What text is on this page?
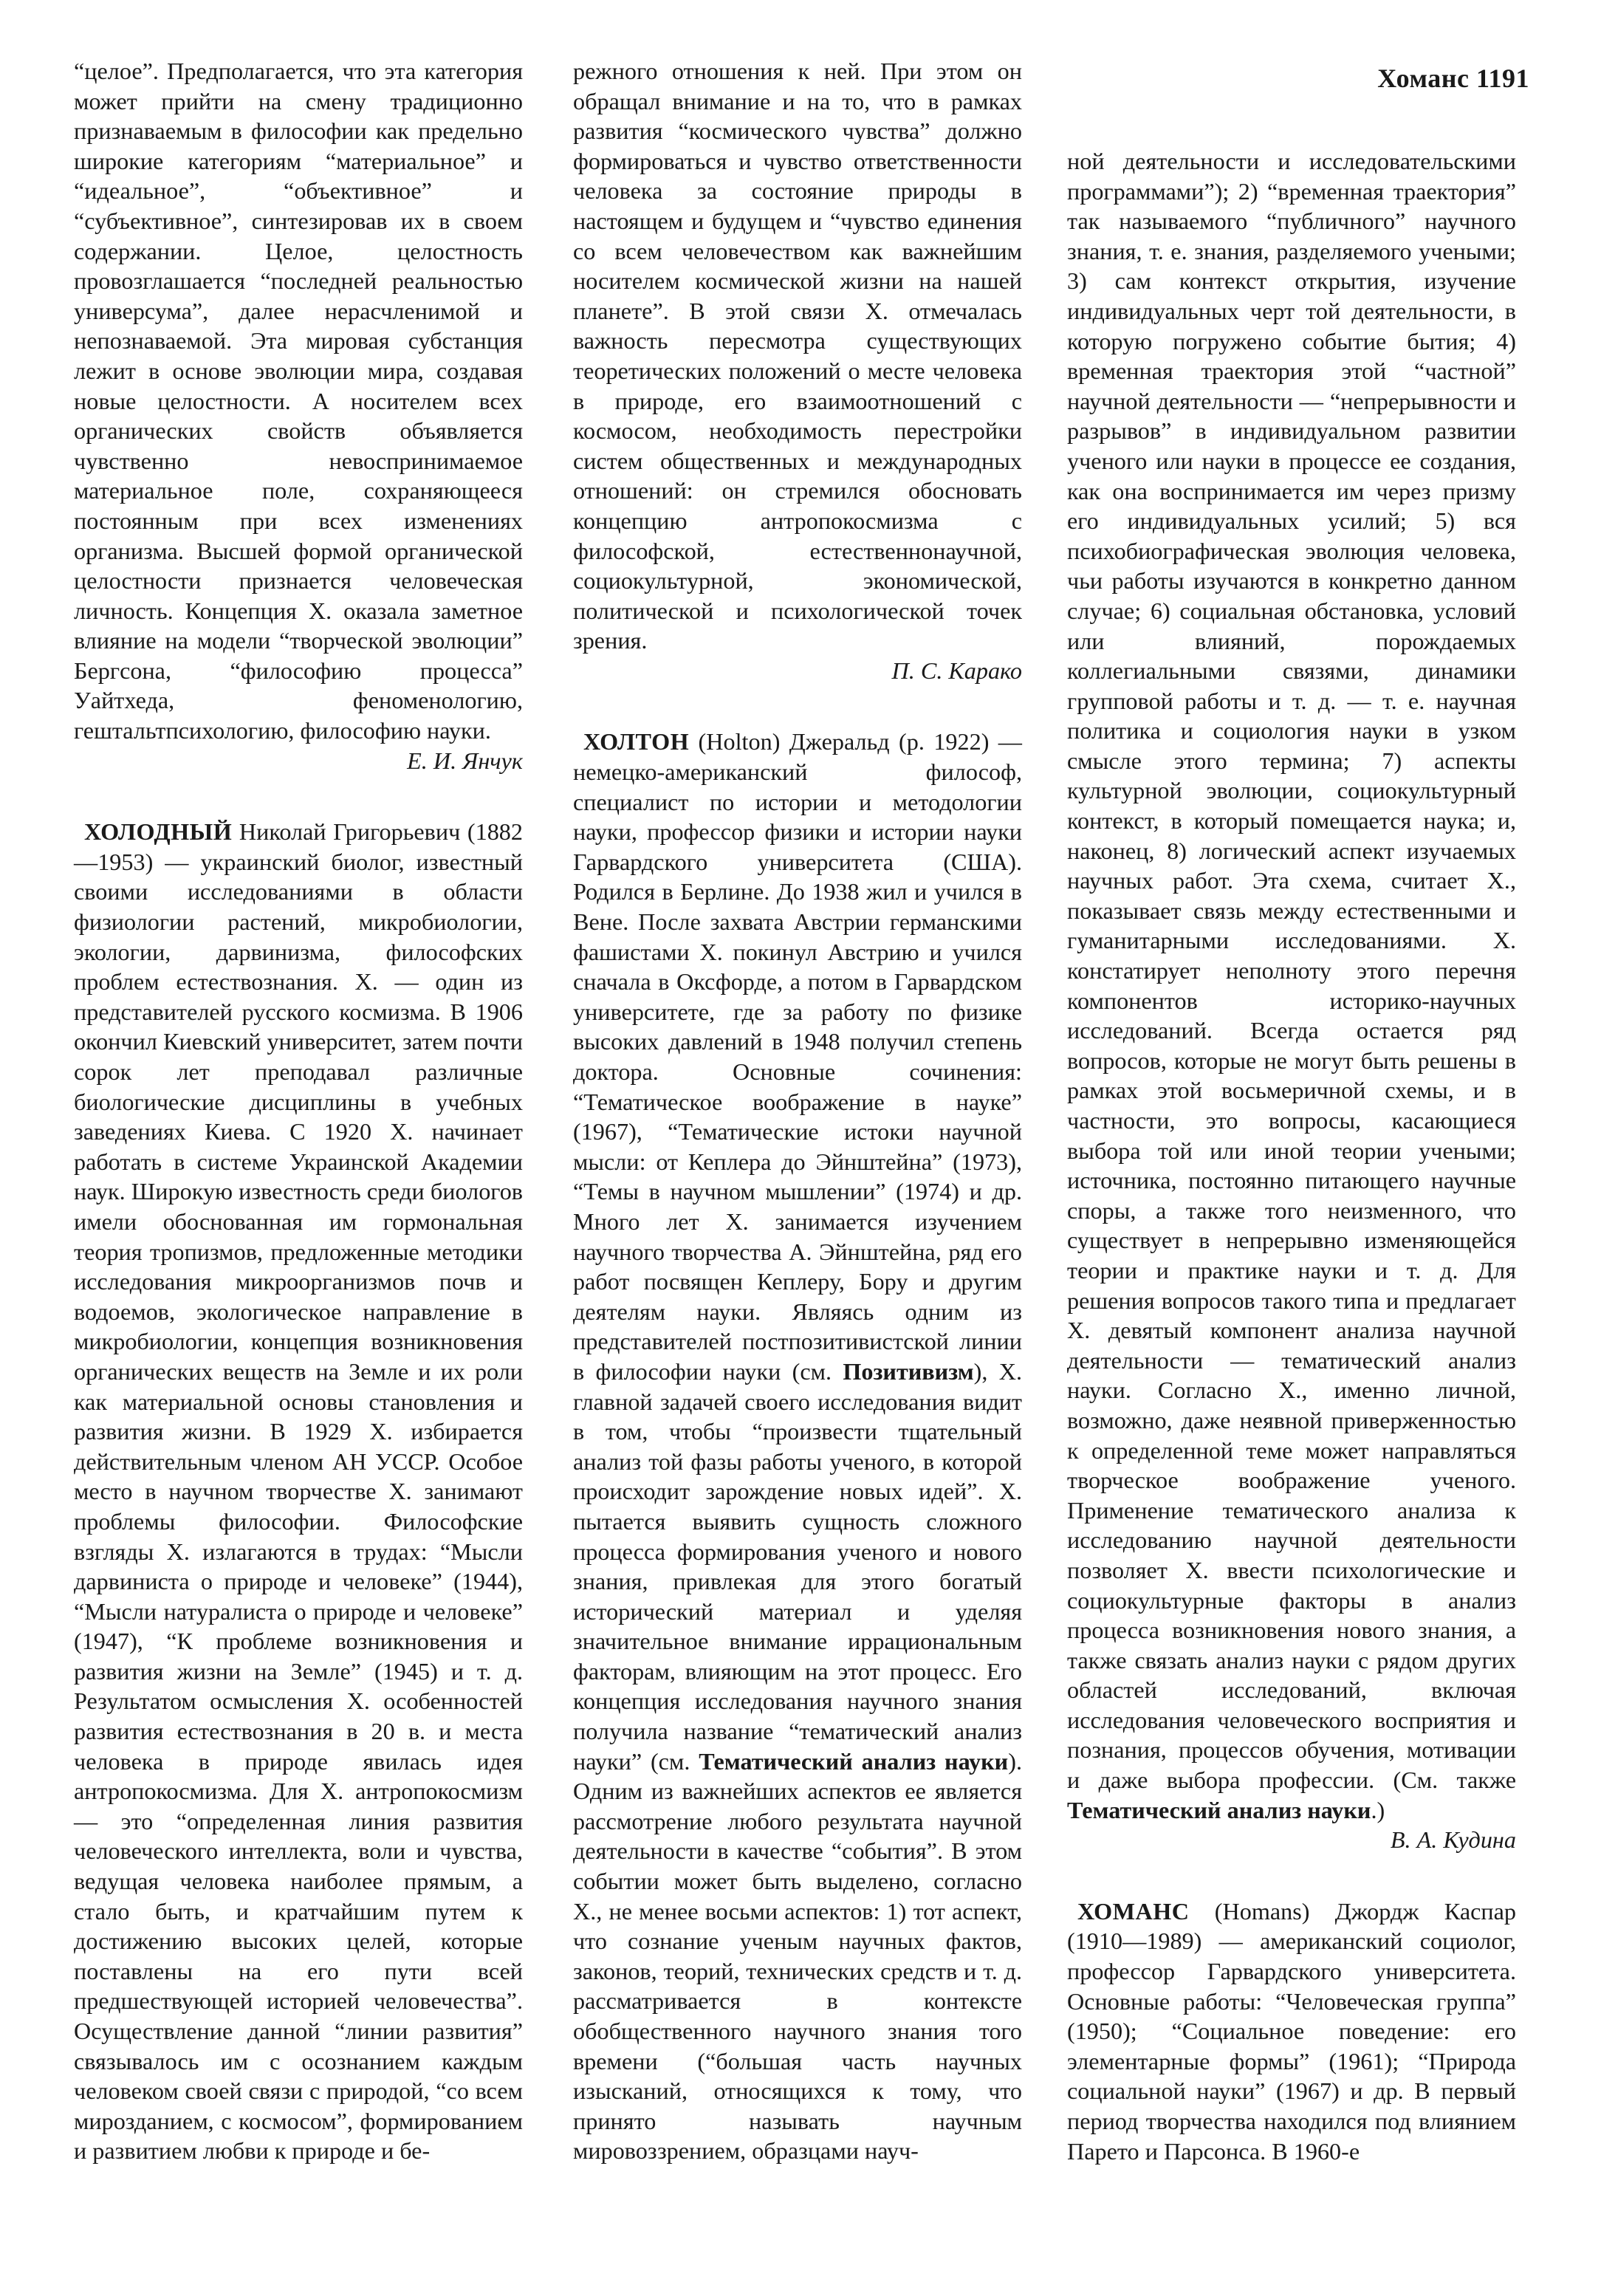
Хоманс 1191

“целое”. Предполагается, что эта категория может прийти на смену традиционно признаваемым в философии как предельно широкие категориям “материальное” и “идеальное”, “объективное” и “субъективное”, синтезировав их в своем содержании. Целое, целостность провозглашается “последней реальностью универсума”, далее нерасчленимой и непознаваемой. Эта мировая субстанция лежит в основе эволюции мира, создавая новые целостности. А носителем всех органических свойств объявляется чувственно невоспринимаемое материальное поле, сохраняющееся постоянным при всех изменениях организма. Высшей формой органической целостности признается человеческая личность. Концепция Х. оказала заметное влияние на модели “творческой эволюции” Бергсона, “философию процесса” Уайтхеда, феноменологию, гештальтпсихологию, философию науки.

Е. И. Янчук

ХОЛОДНЫЙ Николай Григорьевич (1882—1953) — украинский биолог, известный своими исследованиями в области физиологии растений, микробиологии, экологии, дарвинизма, философских проблем естествознания. Х. — один из представителей русского космизма. В 1906 окончил Киевский университет, затем почти сорок лет преподавал различные биологические дисциплины в учебных заведениях Киева. С 1920 Х. начинает работать в системе Украинской Академии наук. Широкую известность среди биологов имели обоснованная им гормональная теория тропизмов, предложенные методики исследования микроорганизмов почв и водоемов, экологическое направление в микробиологии, концепция возникновения органических веществ на Земле и их роли как материальной основы становления и развития жизни. В 1929 Х. избирается действительным членом АН УССР. Особое место в научном творчестве Х. занимают проблемы философии. Философские взгляды Х. излагаются в трудах: “Мысли дарвиниста о природе и человеке” (1944), “Мысли натуралиста о природе и человеке” (1947), “К проблеме возникновения и развития жизни на Земле” (1945) и т. д. Результатом осмысления Х. особенностей развития естествознания в 20 в. и места человека в природе явилась идея антропокосмизма. Для Х. антропокосмизм — это “определенная линия развития человеческого интеллекта, воли и чувства, ведущая человека наиболее прямым, а стало быть, и кратчайшим путем к достижению высоких целей, которые поставлены на его пути всей предшествующей историей человечества”. Осуществление данной “линии развития” связывалось им с осознанием каждым человеком своей связи с природой, “со всем мирозданием, с космосом”, формированием и развитием любви к природе и бе-

режного отношения к ней. При этом он обращал внимание и на то, что в рамках развития “космического чувства” должно формироваться и чувство ответственности человека за состояние природы в настоящем и будущем и “чувство единения со всем человечеством как важнейшим носителем космической жизни на нашей планете”. В этой связи Х. отмечалась важность пересмотра существующих теоретических положений о месте человека в природе, его взаимоотношений с космосом, необходимость перестройки систем общественных и международных отношений: он стремился обосновать концепцию антропокосмизма с философской, естественнонаучной, социокультурной, экономической, политической и психологической точек зрения.

П. С. Карако

ХОЛТОН (Holton) Джеральд (р. 1922) — немецко-американский философ, специалист по истории и методологии науки, профессор физики и истории науки Гарвардского университета (США). Родился в Берлине. До 1938 жил и учился в Вене. После захвата Австрии германскими фашистами Х. покинул Австрию и учился сначала в Оксфорде, а потом в Гарвардском университете, где за работу по физике высоких давлений в 1948 получил степень доктора. Основные сочинения: “Тематическое воображение в науке” (1967), “Тематические истоки научной мысли: от Кеплера до Эйнштейна” (1973), “Темы в научном мышлении” (1974) и др. Много лет Х. занимается изучением научного творчества А. Эйнштейна, ряд его работ посвящен Кеплеру, Бору и другим деятелям науки. Являясь одним из представителей постпозитивистской линии в философии науки (см. Позитивизм), Х. главной задачей своего исследования видит в том, чтобы “произвести тщательный анализ той фазы работы ученого, в которой происходит зарождение новых идей”. Х. пытается выявить сущность сложного процесса формирования ученого и нового знания, привлекая для этого богатый исторический материал и уделяя значительное внимание иррациональным факторам, влияющим на этот процесс. Его концепция исследования научного знания получила название “тематический анализ науки” (см. Тематический анализ науки). Одним из важнейших аспектов ее является рассмотрение любого результата научной деятельности в качестве “события”. В этом событии может быть выделено, согласно Х., не менее восьми аспектов: 1) тот аспект, что сознание ученым научных фактов, законов, теорий, технических средств и т. д. рассматривается в контексте обобщественного научного знания того времени (“большая часть научных изысканий, относящихся к тому, что принято называть научным мировоззрением, образцами науч-

ной деятельности и исследовательскими программами”); 2) “временная траектория” так называемого “публичного” научного знания, т. е. знания, разделяемого учеными; 3) сам контекст открытия, изучение индивидуальных черт той деятельности, в которую погружено событие бытия; 4) временная траектория этой “частной” научной деятельности — “непрерывности и разрывов” в индивидуальном развитии ученого или науки в процессе ее создания, как она воспринимается им через призму его индивидуальных усилий; 5) вся психобиографическая эволюция человека, чьи работы изучаются в конкретно данном случае; 6) социальная обстановка, условий или влияний, порождаемых коллегиальными связями, динамики групповой работы и т. д. — т. е. научная политика и социология науки в узком смысле этого термина; 7) аспекты культурной эволюции, социокультурный контекст, в который помещается наука; и, наконец, 8) логический аспект изучаемых научных работ. Эта схема, считает Х., показывает связь между естественными и гуманитарными исследованиями. Х. констатирует неполноту этого перечня компонентов историко-научных исследований. Всегда остается ряд вопросов, которые не могут быть решены в рамках этой восьмеричной схемы, и в частности, это вопросы, касающиеся выбора той или иной теории учеными; источника, постоянно питающего научные споры, а также того неизменного, что существует в непрерывно изменяющейся теории и практике науки и т. д. Для решения вопросов такого типа и предлагает Х. девятый компонент анализа научной деятельности — тематический анализ науки. Согласно Х., именно личной, возможно, даже неявной приверженностью к определенной теме может направляться творческое воображение ученого. Применение тематического анализа к исследованию научной деятельности позволяет Х. ввести психологические и социокультурные факторы в анализ процесса возникновения нового знания, а также связать анализ науки с рядом других областей исследований, включая исследования человеческого восприятия и познания, процессов обучения, мотивации и даже выбора профессии. (См. также Тематический анализ науки.)

В. А. Кудина

ХОМАНС (Homans) Джордж Каспар (1910—1989) — американский социолог, профессор Гарвардского университета. Основные работы: “Человеческая группа” (1950); “Социальное поведение: его элементарные формы” (1961); “Природа социальной науки” (1967) и др. В первый период творчества находился под влиянием Парето и Парсонса. В 1960-е
